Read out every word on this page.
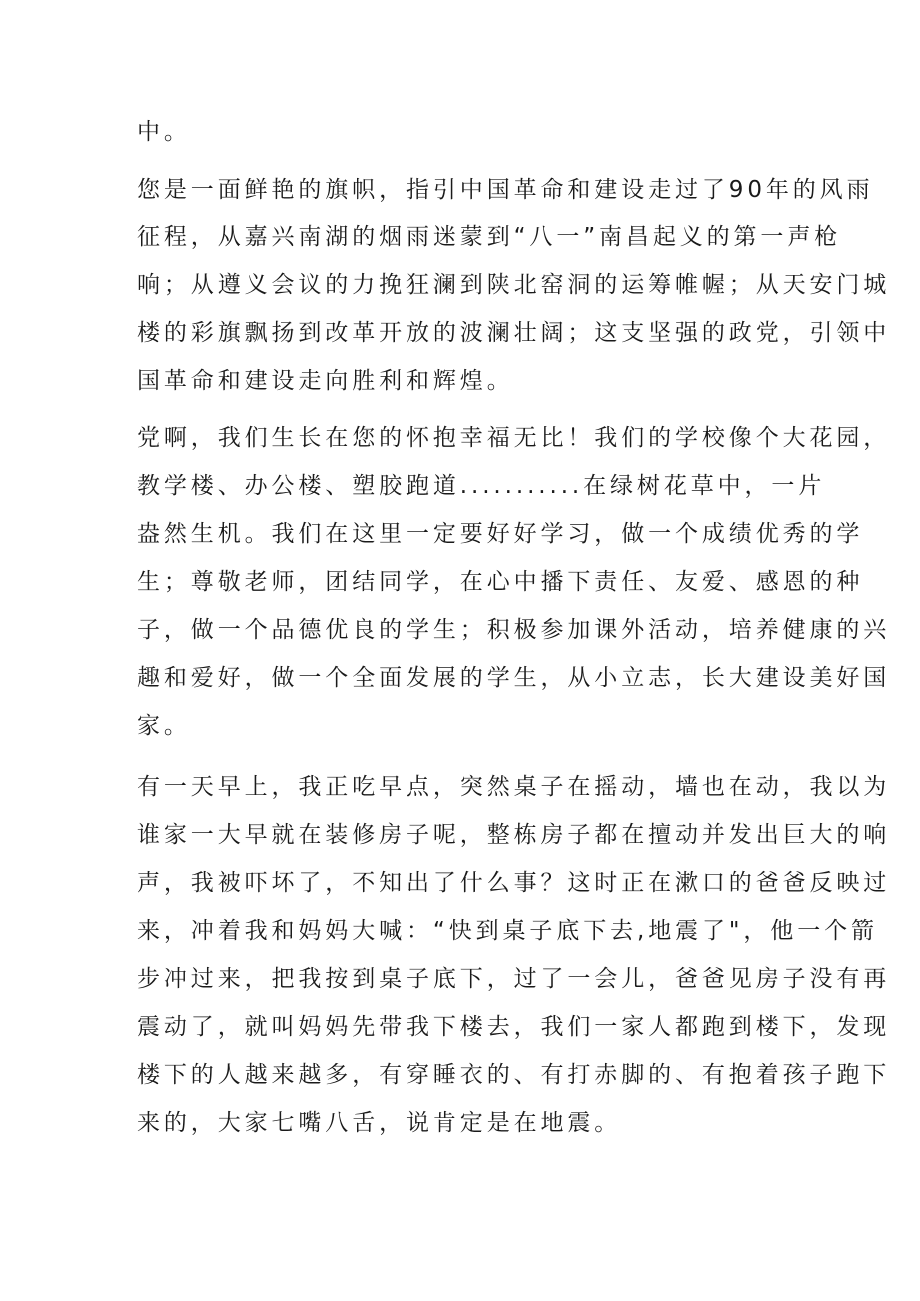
中。
您是一面鲜艳的旗帜，指引中国革命和建设走过了90年的风雨
征程，从嘉兴南湖的烟雨迷蒙到“八一”南昌起义的第一声枪
响；从遵义会议的力挽狂澜到陕北窑洞的运筹帷幄；从天安门城
楼的彩旗飘扬到改革开放的波澜壮阔；这支坚强的政党，引领中
国革命和建设走向胜利和辉煌。
党啊，我们生长在您的怀抱幸福无比！我们的学校像个大花园，
教学楼、办公楼、塑胶跑道...........在绿树花草中，一片
盎然生机。我们在这里一定要好好学习，做一个成绩优秀的学
生；尊敬老师，团结同学，在心中播下责任、友爱、感恩的种
子，做一个品德优良的学生；积极参加课外活动，培养健康的兴
趣和爱好，做一个全面发展的学生，从小立志，长大建设美好国
家。
有一天早上，我正吃早点，突然桌子在摇动，墙也在动，我以为
谁家一大早就在装修房子呢，整栋房子都在擅动并发出巨大的响
声，我被吓坏了，不知出了什么事？这时正在漱口的爸爸反映过
来，冲着我和妈妈大喊：“快到桌子底下去,地震了"，他一个箭
步冲过来，把我按到桌子底下，过了一会儿，爸爸见房子没有再
震动了，就叫妈妈先带我下楼去，我们一家人都跑到楼下，发现
楼下的人越来越多，有穿睡衣的、有打赤脚的、有抱着孩子跑下
来的，大家七嘴八舌，说肯定是在地震。
